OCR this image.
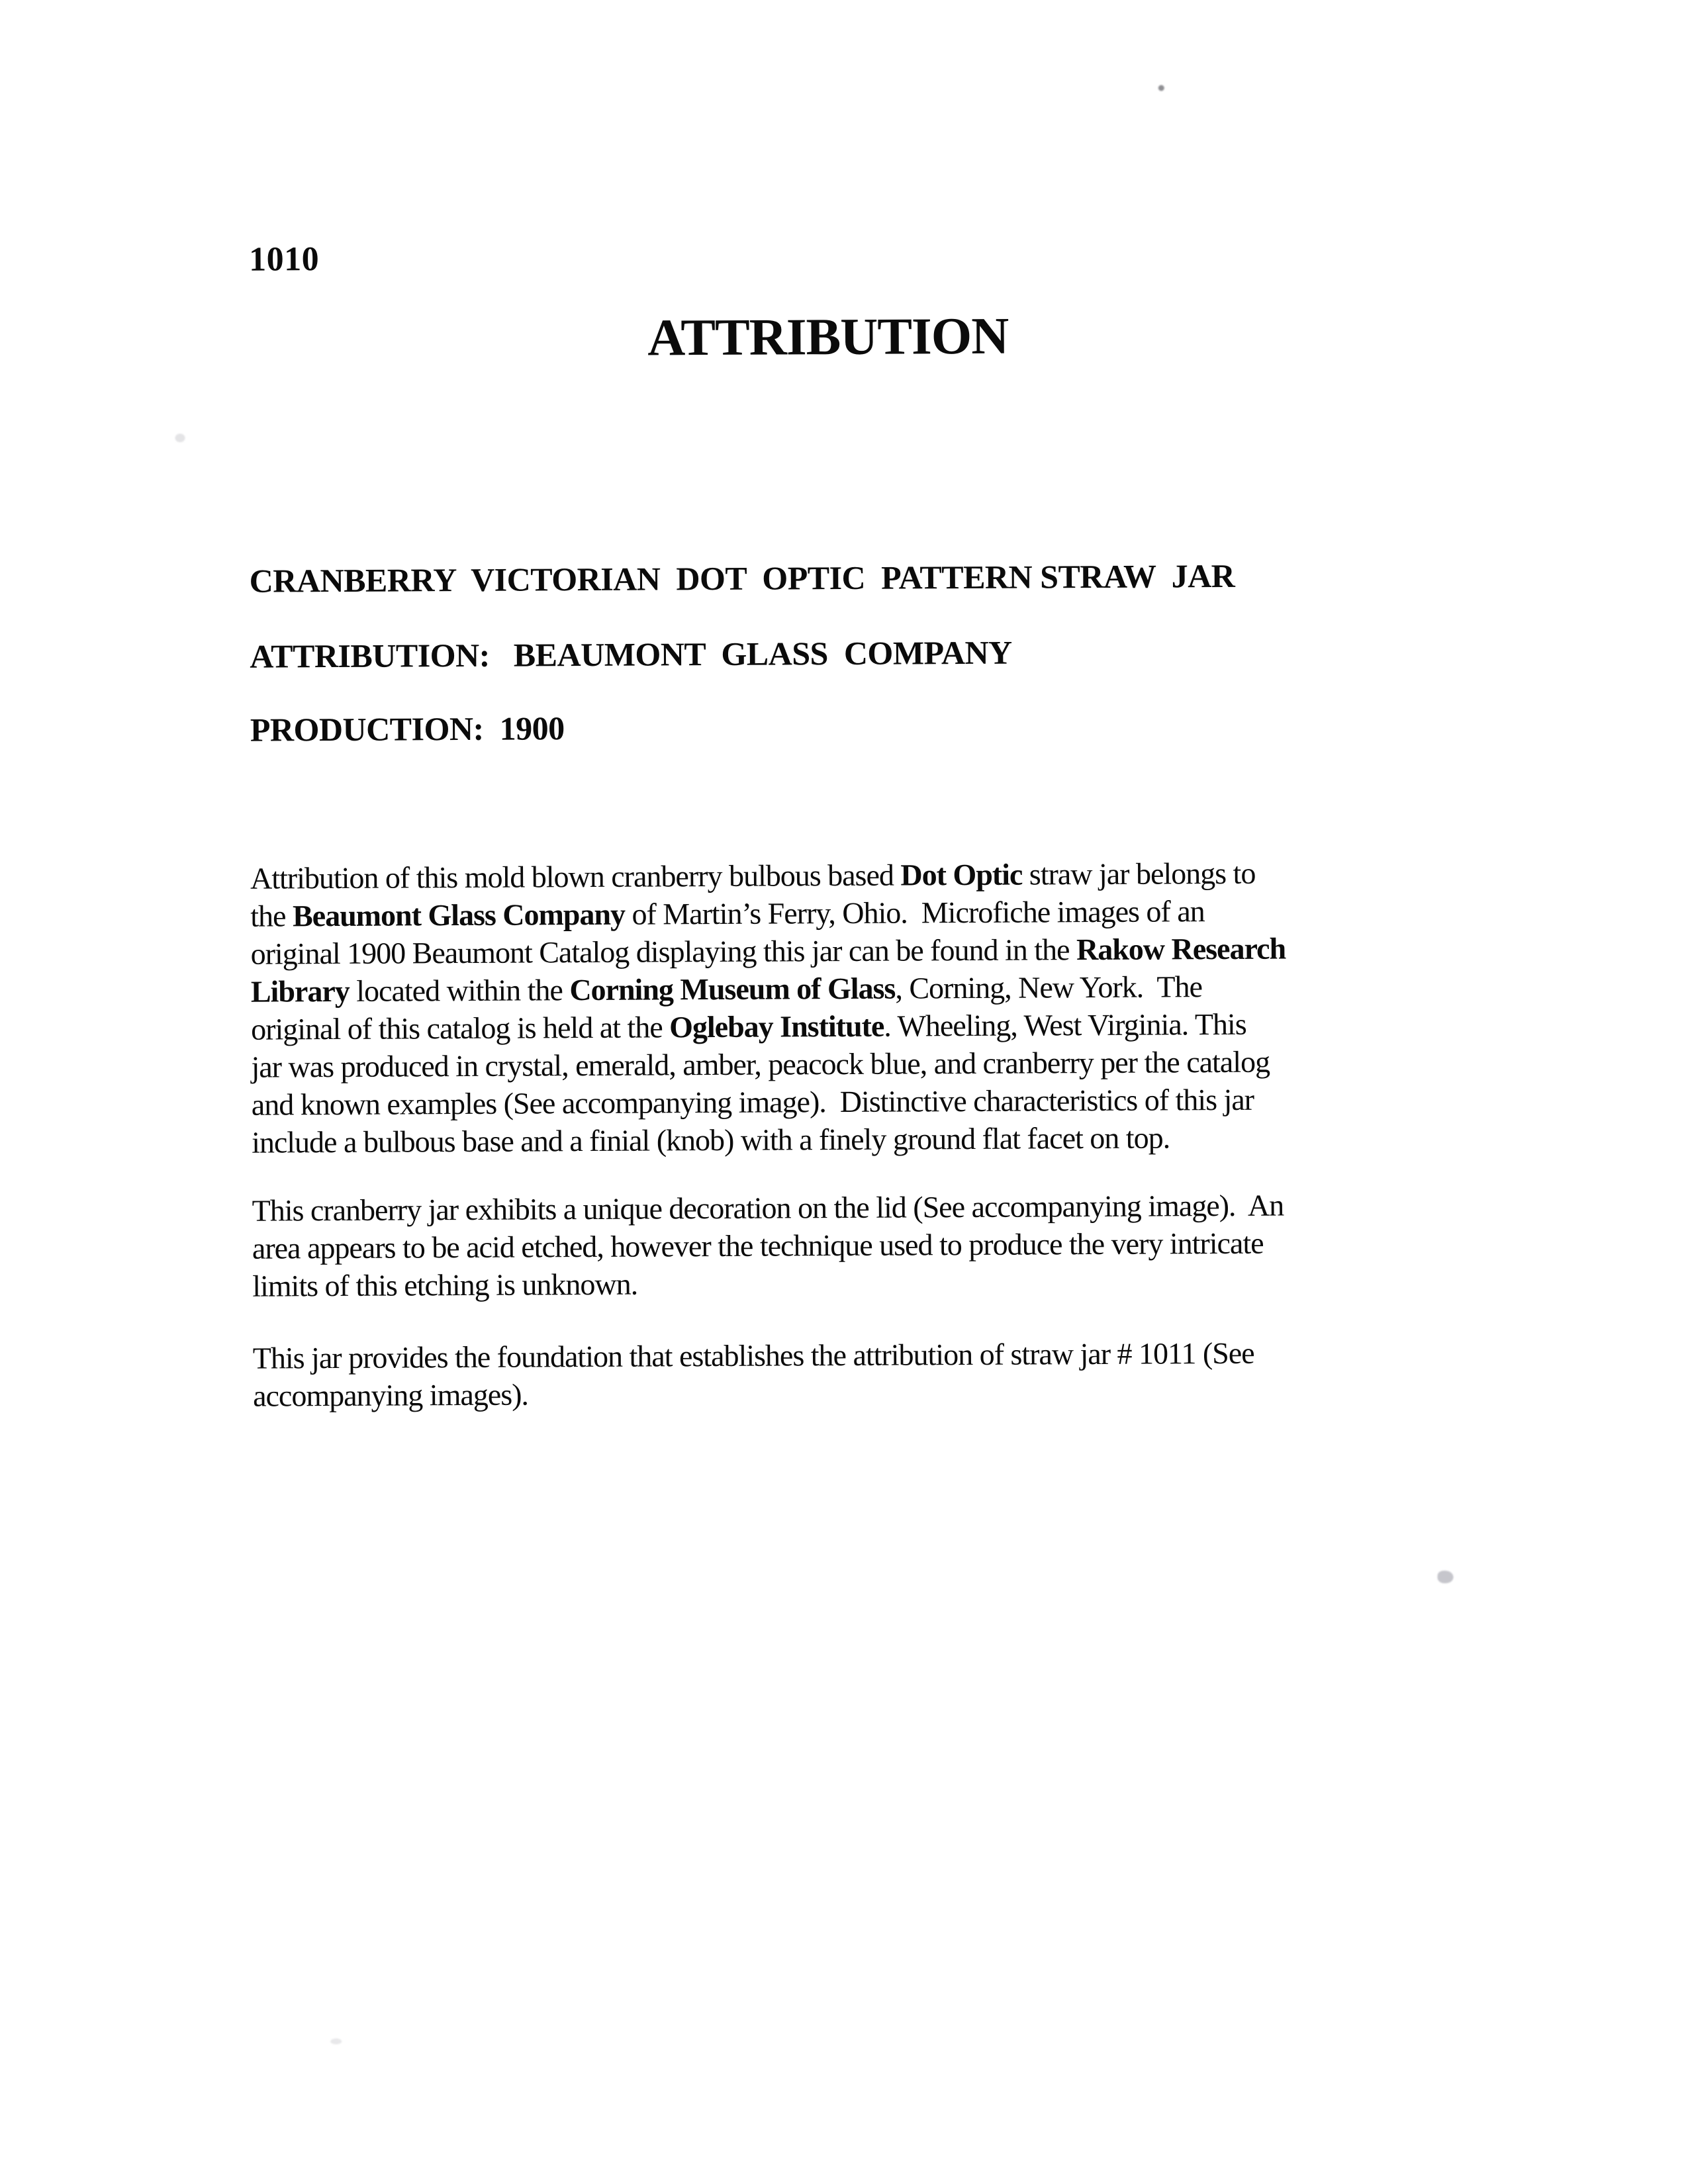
1010
ATTRIBUTION
CRANBERRY  VICTORIAN  DOT  OPTIC  PATTERN STRAW  JAR
ATTRIBUTION:   BEAUMONT  GLASS  COMPANY
PRODUCTION:  1900
Attribution of this mold blown cranberry bulbous based Dot Optic straw jar belongs to
the Beaumont Glass Company of Martin’s Ferry, Ohio.  Microfiche images of an
original 1900 Beaumont Catalog displaying this jar can be found in the Rakow Research
Library located within the Corning Museum of Glass, Corning, New York.  The
original of this catalog is held at the Oglebay Institute. Wheeling, West Virginia. This
jar was produced in crystal, emerald, amber, peacock blue, and cranberry per the catalog
and known examples (See accompanying image).  Distinctive characteristics of this jar
include a bulbous base and a finial (knob) with a finely ground flat facet on top.
This cranberry jar exhibits a unique decoration on the lid (See accompanying image).  An
area appears to be acid etched, however the technique used to produce the very intricate
limits of this etching is unknown.
This jar provides the foundation that establishes the attribution of straw jar # 1011 (See
accompanying images).
